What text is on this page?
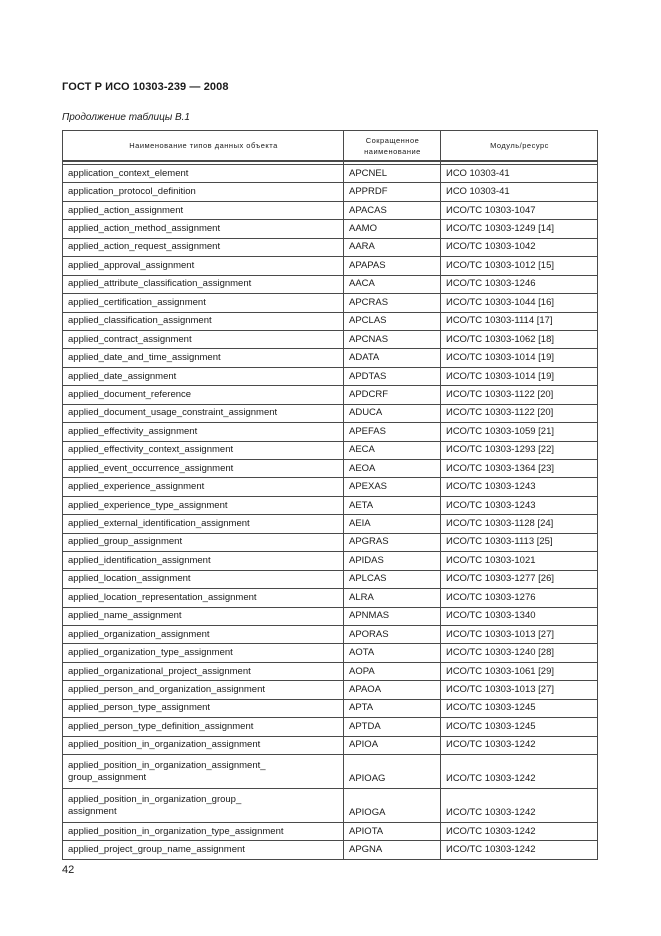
ГОСТ Р ИСО 10303-239 — 2008
Продолжение таблицы B.1
Наименование типов данных объекта	Сокращенное наименование	Модуль/ресурс

application_context_element	APCNEL	ИСО 10303-41
application_protocol_definition	APPRDF	ИСО 10303-41
applied_action_assignment	APACAS	ИСО/ТС 10303-1047
applied_action_method_assignment	AAMO	ИСО/ТС 10303-1249 [14]
applied_action_request_assignment	AARA	ИСО/ТС 10303-1042
applied_approval_assignment	APAPAS	ИСО/ТС 10303-1012 [15]
applied_attribute_classification_assignment	AACA	ИСО/ТС 10303-1246
applied_certification_assignment	APCRAS	ИСО/ТС 10303-1044 [16]
applied_classification_assignment	APCLAS	ИСО/ТС 10303-1114 [17]
applied_contract_assignment	APCNAS	ИСО/ТС 10303-1062 [18]
applied_date_and_time_assignment	ADATA	ИСО/ТС 10303-1014 [19]
applied_date_assignment	APDTAS	ИСО/ТС 10303-1014 [19]
applied_document_reference	APDCRF	ИСО/ТС 10303-1122 [20]
applied_document_usage_constraint_assignment	ADUCA	ИСО/ТС 10303-1122 [20]
applied_effectivity_assignment	APEFAS	ИСО/ТС 10303-1059 [21]
applied_effectivity_context_assignment	AECA	ИСО/ТС 10303-1293 [22]
applied_event_occurrence_assignment	AEOA	ИСО/ТС 10303-1364 [23]
applied_experience_assignment	APEXAS	ИСО/ТС 10303-1243
applied_experience_type_assignment	AETA	ИСО/ТС 10303-1243
applied_external_identification_assignment	AEIA	ИСО/ТС 10303-1128 [24]
applied_group_assignment	APGRAS	ИСО/ТС 10303-1113 [25]
applied_identification_assignment	APIDAS	ИСО/ТС 10303-1021
applied_location_assignment	APLCAS	ИСО/ТС 10303-1277 [26]
applied_location_representation_assignment	ALRA	ИСО/ТС 10303-1276
applied_name_assignment	APNMAS	ИСО/ТС 10303-1340
applied_organization_assignment	APORAS	ИСО/ТС 10303-1013 [27]
applied_organization_type_assignment	AOTA	ИСО/ТС 10303-1240 [28]
applied_organizational_project_assignment	AOPA	ИСО/ТС 10303-1061 [29]
applied_person_and_organization_assignment	APAOA	ИСО/ТС 10303-1013 [27]
applied_person_type_assignment	APTA	ИСО/ТС 10303-1245
applied_person_type_definition_assignment	APTDA	ИСО/ТС 10303-1245
applied_position_in_organization_assignment	APIOA	ИСО/ТС 10303-1242
applied_position_in_organization_assignment_
group_assignment	APIOAG	ИСО/ТС 10303-1242
applied_position_in_organization_group_
assignment	APIOGA	ИСО/ТС 10303-1242
applied_position_in_organization_type_assignment	APIOTA	ИСО/ТС 10303-1242
applied_project_group_name_assignment	APGNA	ИСО/ТС 10303-1242
42
